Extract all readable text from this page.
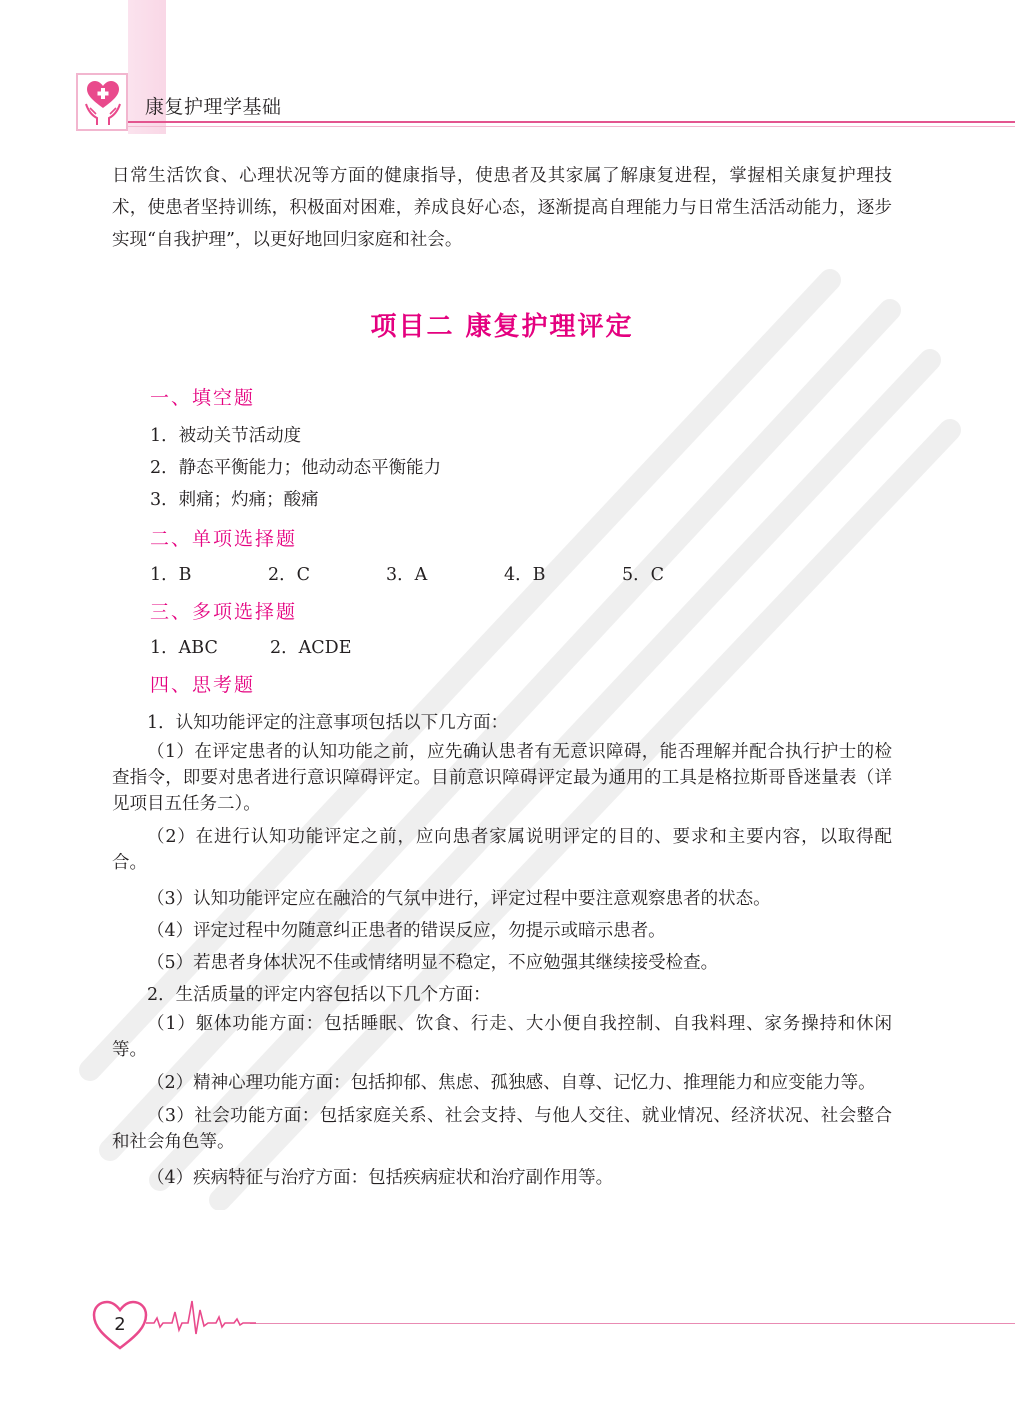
康复护理学基础

日常生活饮食、心理状况等方面的健康指导，使患者及其家属了解康复进程，掌握相关康复护理技术，使患者坚持训练，积极面对困难，养成良好心态，逐渐提高自理能力与日常生活活动能力，逐步实现“自我护理”，以更好地回归家庭和社会。

项目二 康复护理评定
一、填空题

1．被动关节活动度

2．静态平衡能力；他动动态平衡能力

3．刺痛；灼痛；酸痛

二、单项选择题
1．B	2．C	3．A	4．B	5．C
三、多项选择题
1．ABC	2．ACDE
四、思考题

1．认知功能评定的注意事项包括以下几方面：

（1）在评定患者的认知功能之前，应先确认患者有无意识障碍，能否理解并配合执行护士的检查指令，即要对患者进行意识障碍评定。目前意识障碍评定最为通用的工具是格拉斯哥昏迷量表（详见项目五任务二）。

（2）在进行认知功能评定之前，应向患者家属说明评定的目的、要求和主要内容，以取得配合。

（3）认知功能评定应在融洽的气氛中进行，评定过程中要注意观察患者的状态。

（4）评定过程中勿随意纠正患者的错误反应，勿提示或暗示患者。

（5）若患者身体状况不佳或情绪明显不稳定，不应勉强其继续接受检查。

2．生活质量的评定内容包括以下几个方面：

（1）躯体功能方面：包括睡眠、饮食、行走、大小便自我控制、自我料理、家务操持和休闲等。

（2）精神心理功能方面：包括抑郁、焦虑、孤独感、自尊、记忆力、推理能力和应变能力等。

（3）社会功能方面：包括家庭关系、社会支持、与他人交往、就业情况、经济状况、社会整合和社会角色等。

（4）疾病特征与治疗方面：包括疾病症状和治疗副作用等。

2
